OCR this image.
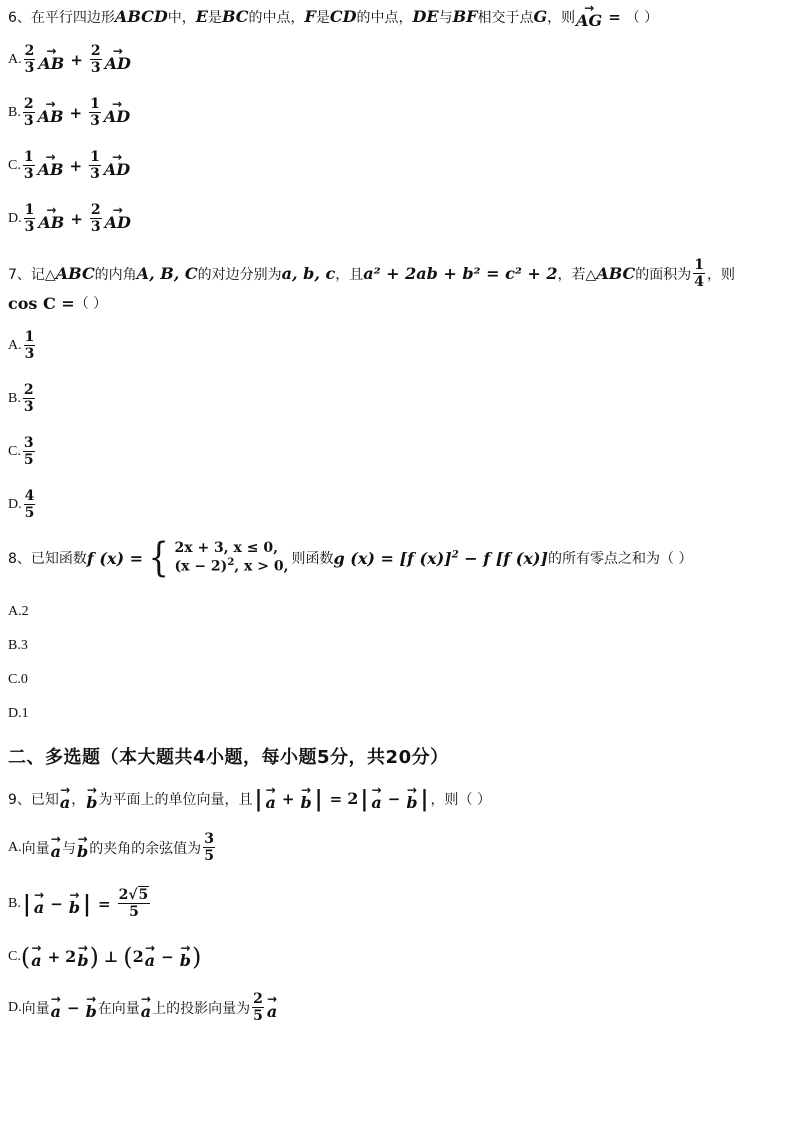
6、 在平行四边形 ABCD 中， E 是 BC 的中点， F 是 CD 的中点， DE 与 BF 相交于点 G ，则
→
AG = （ ）
A. $\frac{2}{3}$ →
AB + $\frac{2}{3}$ →
AD
B. $\frac{2}{3}$ →
AB + $\frac{1}{3}$ →
AD
C. $\frac{1}{3}$ →
AB + $\frac{1}{3}$ →
AD
D. $\frac{1}{3}$ →
AB + $\frac{2}{3}$ →
AD
7、 记△ ABC 的内角 A, B, C 的对边分别为 a, b, c ，且 a² + 2ab + b² = c² + 2 ，若△ ABC 的面积为 $\frac{1}{4}$ ，则
cos C = （ ）
A. $\frac{1}{3}$
B. $\frac{2}{3}$
C. $\frac{3}{5}$
D. $\frac{4}{5}$
8、 已知函数 f (x) = { 2x + 3, x ≤ 0,
$(x - 2)^2$, x > 0, 则函数 g (x) = [f (x)]$^2$ − f [f (x)] 的所有零点之和为（ ）
A. 2
B. 3
C. 0
D. 1
二、多选题（本大题共4小题，每小题5分，共20分）
9、 已知
→
a ，
→
b 为平面上的单位向量，且 | →
a + →
b | = 2 | →
a − →
b | ，则（ ）
A. 向量
→
a 与
→
b 的夹角的余弦值为 $\frac{3}{5}$
B. | →
a − →
b | = $\frac{2√5}{5}$
C. ( →
a + 2 →
b ) ⊥ ( 2 →
a − →
b )
D. 向量
→
a − →
b 在向量
→
a 上的投影向量为 $\frac{2}{5}$ →
a
